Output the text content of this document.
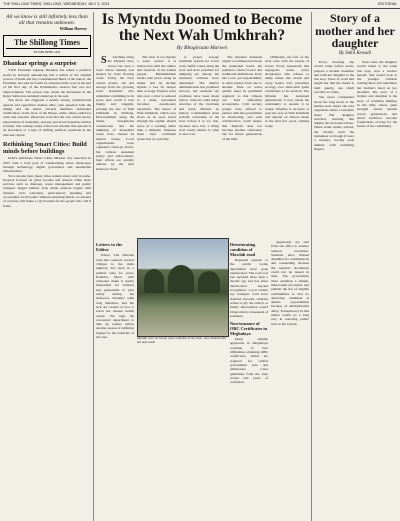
THE SHILLONG TIMES, SHILLONG, WEDNESDAY, JULY 3, 2024	EDITORIAL
All we know is still infinitely less than all that remains unknown.
William Harvey
The Shillong Times
ESTABLISHED 1945
Dhankar springs a surprise

VICE President Jagdeep Dhankar has raised a political storm by abruptly announcing that a nation of the original powers of India and the Constitutional Head of the nation, the President, has said he would be announced the soon at his end of his first day of the Parliament's session that was not unprecedented. The person who chairs the discussion in the Rajya Sabha has suddenly ended up in the seat.

The move has triggered a debate among constitutional experts and opposition leaders alike, who question both the timing and the intent. Several members demanded clarification on the floor of the House, while others called for calm and restraint. Observers note that the role carries heavy expectations of neutrality, and any perceived departure invites scrutiny. The coming weeks will reveal whether this episode is an aberration or a sign of shifting political equations in the national capital.

Rethinking Smart Cities: Build minds before buildings

India's ambitious Smart Cities Mission was launched in 2015 with a bold goal of transforming urban landscapes through technology, digital governance and sustainable infrastructure.

Yet a decade later, many cities remain smart only in name. Projects focused on glass facades and sensors while basic services such as drainage, waste management and public transport lagged behind. True urban renewal begins with citizens: civic education, participatory planning and accountable local bodies. Without nurturing minds, no amount of concrete will make a city liveable for the people who call it home.

Is Myntdu Doomed to Become the Next Wah Umkhrah?
By Bhogiraam Marwei

S tretching along the Myntdu river, Jowai was once a town whose identity was shaped by clean flowing water. Today the river carries plastic, silt and sewage from the growing town. Residents who remember swimming in its pools now watch it turn murky and sluggish, echoing the fate of Wah Umkhrah in Shillong. Encroachment along the banks, unregulated construction and the dumping of household waste have choked its natural course. Local organisations have organised clean-up drives, but without sustained policy and enforcement, their efforts are quickly undone by the next monsoon flood.

The river is not merely a water source; it is interwoven with the culture and festivals of the Jaintia people. Behdeinkhlam rituals take place along its banks, and its decline signals a loss far deeper than ecology. Experts warn that once a river is reduced to a drain, restoration becomes enormously expensive. The lesson of Wah Umkhrah, which now flows as an open sewer through the capital, should serve as a warning rather than a template. Planners must treat catchment protection as a priority.

A proper sewage treatment system for Jowai town, buffer zones along the river and strict penalties for dumping are among the measures activists have demanded. The district administration has promised surveys, but residents say promises have been made before. Schools could adopt stretches of the riverbank and teach children its history. Communities must reclaim ownership of the river before it is too late, because once lost, a living river rarely returns to what it once was.

The situation demands urgent coordination between the municipal board, the pollution control board and traditional institutions. Each has a role, yet responsibility is often passed from one to another. Data on water quality must be published regularly so that citizens can hold authorities accountable. Civil society groups have offered to partner with the government in monitoring, and such collaboration could ensure that Myntdu does not become another cautionary tale for future generations of the hills.

Ultimately, the fate of the river rests with the people of Jowai. Every household that segregates waste, every shopkeeper who refuses to dump refuse into drains and every leader who prioritises ecology over short-term gains contributes to its survival. The Myntdu has sustained generations; it now needs the community to sustain it in return. Whether it recovers or goes the way of Wah Umkhrah will depend on choices made in the next few years, starting today.

Myntdu river at Jowai, once a lifeline of the town, now choked with silt and waste
Letters to the Editor

Editor, The Mawlah road that connects several villages to the main highway has been in a pitiable state for years. Potholes filled with rainwater make it nearly impossible for vehicles and pedestrians to pass safely during the monsoon. Students walk long distances, and the sick are carried on foot to reach the nearest health centre. We urge the concerned department to take up repairs before another season of suffering begins for the residents of the area.

Deteriorating condition of Mawlah road

Repeated appeals to the public works department have gone unanswered. The road was last repaired more than a decade ago and has since deteriorated beyond recognition. Local traders say transport costs have doubled because vehicles refuse to ply the stretch. A timely intervention would bring relief to thousands of residents.

Non-issuance of OBC Certificates in Meghalaya

Many eligible applicants in Meghalaya continue to face difficulties obtaining OBC certificates, which are required for central government jobs and admissions. Clear guidelines from the state would end years of confusion.

Applicants are sent from one office to another without resolution. Students have missed deadlines for examinations and counselling because the required documents could not be issued in time. The government must establish a simple, time-bound procedure and publish the list of eligible communities so that no deserving candidate is denied opportunities because of administrative delay. Transparency in this matter would go a long way in restoring public trust in the system.

Story of a mother and her daughter
By Sahil Kewadi

Every morning she would wake before dawn, prepare a modest breakfast and walk her daughter to the bus stop. Years of work had taught her that the future is built quietly, one small sacrifice at a time.

She never complained about the long hours at the market stall, where she sold vegetables under a tarpaulin sheet. Her daughter watched, learning that dignity lies in honest labour. When exam results arrived, the mother held the marksheet as though it were a treasure, tracing each number with trembling fingers.

Years later, the daughter would return to the same bus stop, now a teacher herself. She would look at the younger children waiting there and remember her mother's hand on her shoulder. The story of a mother and daughter is the story of countless families in the hills, where quiet strength carries dreams across generations and small sacrifices become foundations of hope for the future of the community.
